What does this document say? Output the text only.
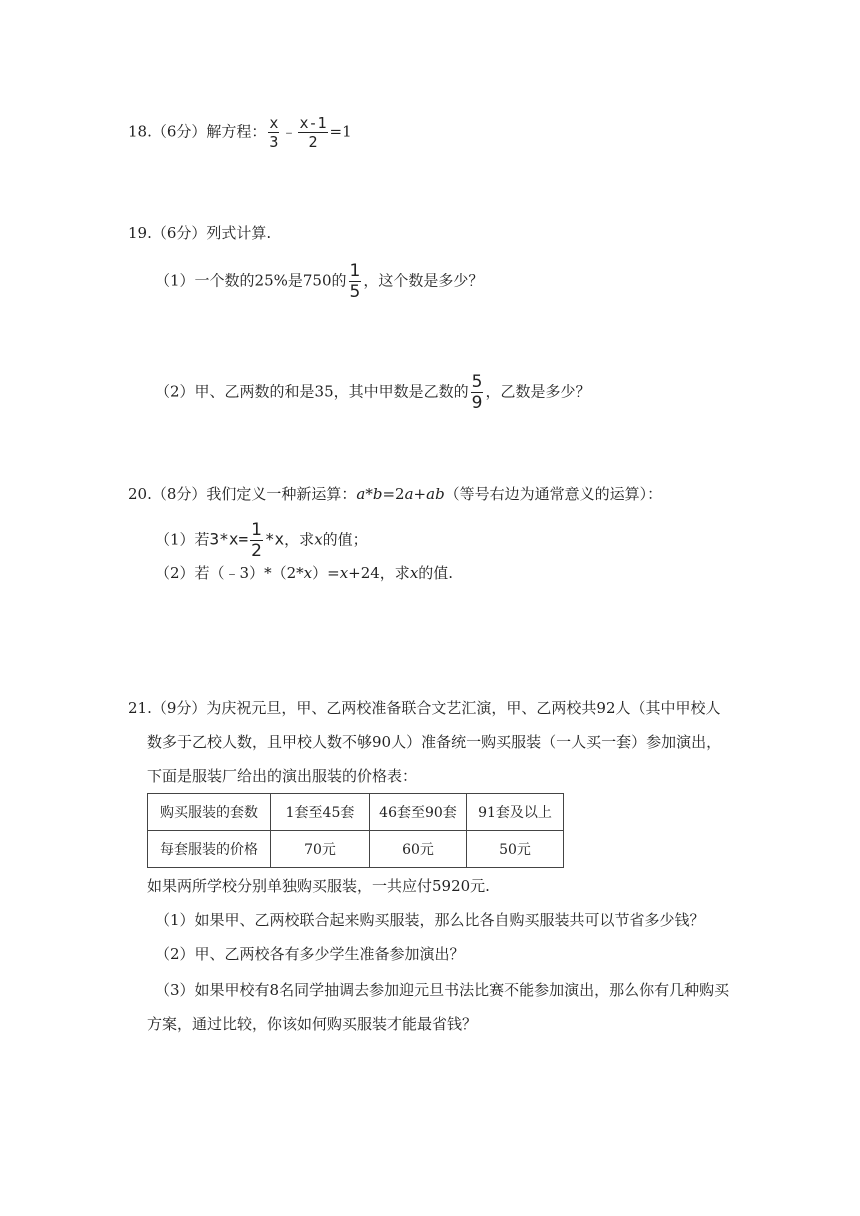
18.（6分）解方程： $\frac{x}{3}$ ﹣ $\frac{x-1}{2} =1$
19.（6分）列式计算.
（1）一个数的25%是750的 $\frac{1}{5}$ ，这个数是多少？
（2）甲、乙两数的和是35，其中甲数是乙数的 $\frac{5}{9}$ ，乙数是多少？
20.（8分）我们定义一种新运算：a*b=2a+ab（等号右边为通常意义的运算）：
（1）若$3*x= \frac{1}{2} *x$，求x的值；
（2）若（﹣3）*（2*x）=x+24，求x的值.
21.（9分）为庆祝元旦，甲、乙两校准备联合文艺汇演，甲、乙两校共92人（其中甲校人
数多于乙校人数，且甲校人数不够90人）准备统一购买服装（一人买一套）参加演出，
下面是服装厂给出的演出服装的价格表：
购买服装的套数	1套至45套	46套至90套	91套及以上
每套服装的价格	70元	60元	50元
如果两所学校分别单独购买服装，一共应付5920元.
（1）如果甲、乙两校联合起来购买服装，那么比各自购买服装共可以节省多少钱？
（2）甲、乙两校各有多少学生准备参加演出？
（3）如果甲校有8名同学抽调去参加迎元旦书法比赛不能参加演出，那么你有几种购买
方案，通过比较，你该如何购买服装才能最省钱？
